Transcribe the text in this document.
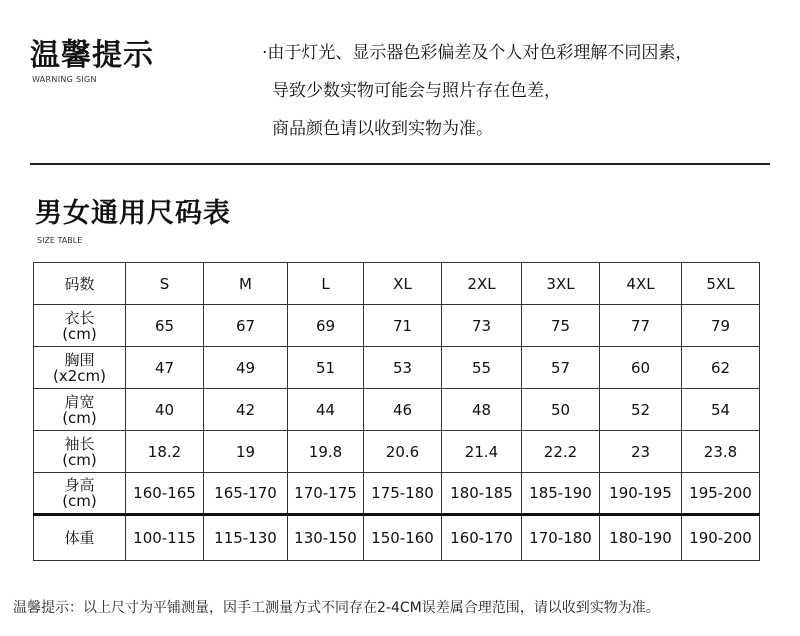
温馨提示
WARNING SIGN
·由于灯光、显示器色彩偏差及个人对色彩理解不同因素，
导致少数实物可能会与照片存在色差，
商品颜色请以收到实物为准。
男女通用尺码表
SIZE TABLE
码数	S	M	L	XL	2XL	3XL	4XL	5XL

衣长
(cm)	65	67	69	71	73	75	77	79

胸围
(x2cm)	47	49	51	53	55	57	60	62

肩宽
(cm)	40	42	44	46	48	50	52	54

袖长
(cm)	18.2	19	19.8	20.6	21.4	22.2	23	23.8

身高
(cm)	160-165	165-170	170-175	175-180	180-185	185-190	190-195	195-200

体重	100-115	115-130	130-150	150-160	160-170	170-180	180-190	190-200
温馨提示：以上尺寸为平铺测量，因手工测量方式不同存在2-4CM误差属合理范围，请以收到实物为准。
